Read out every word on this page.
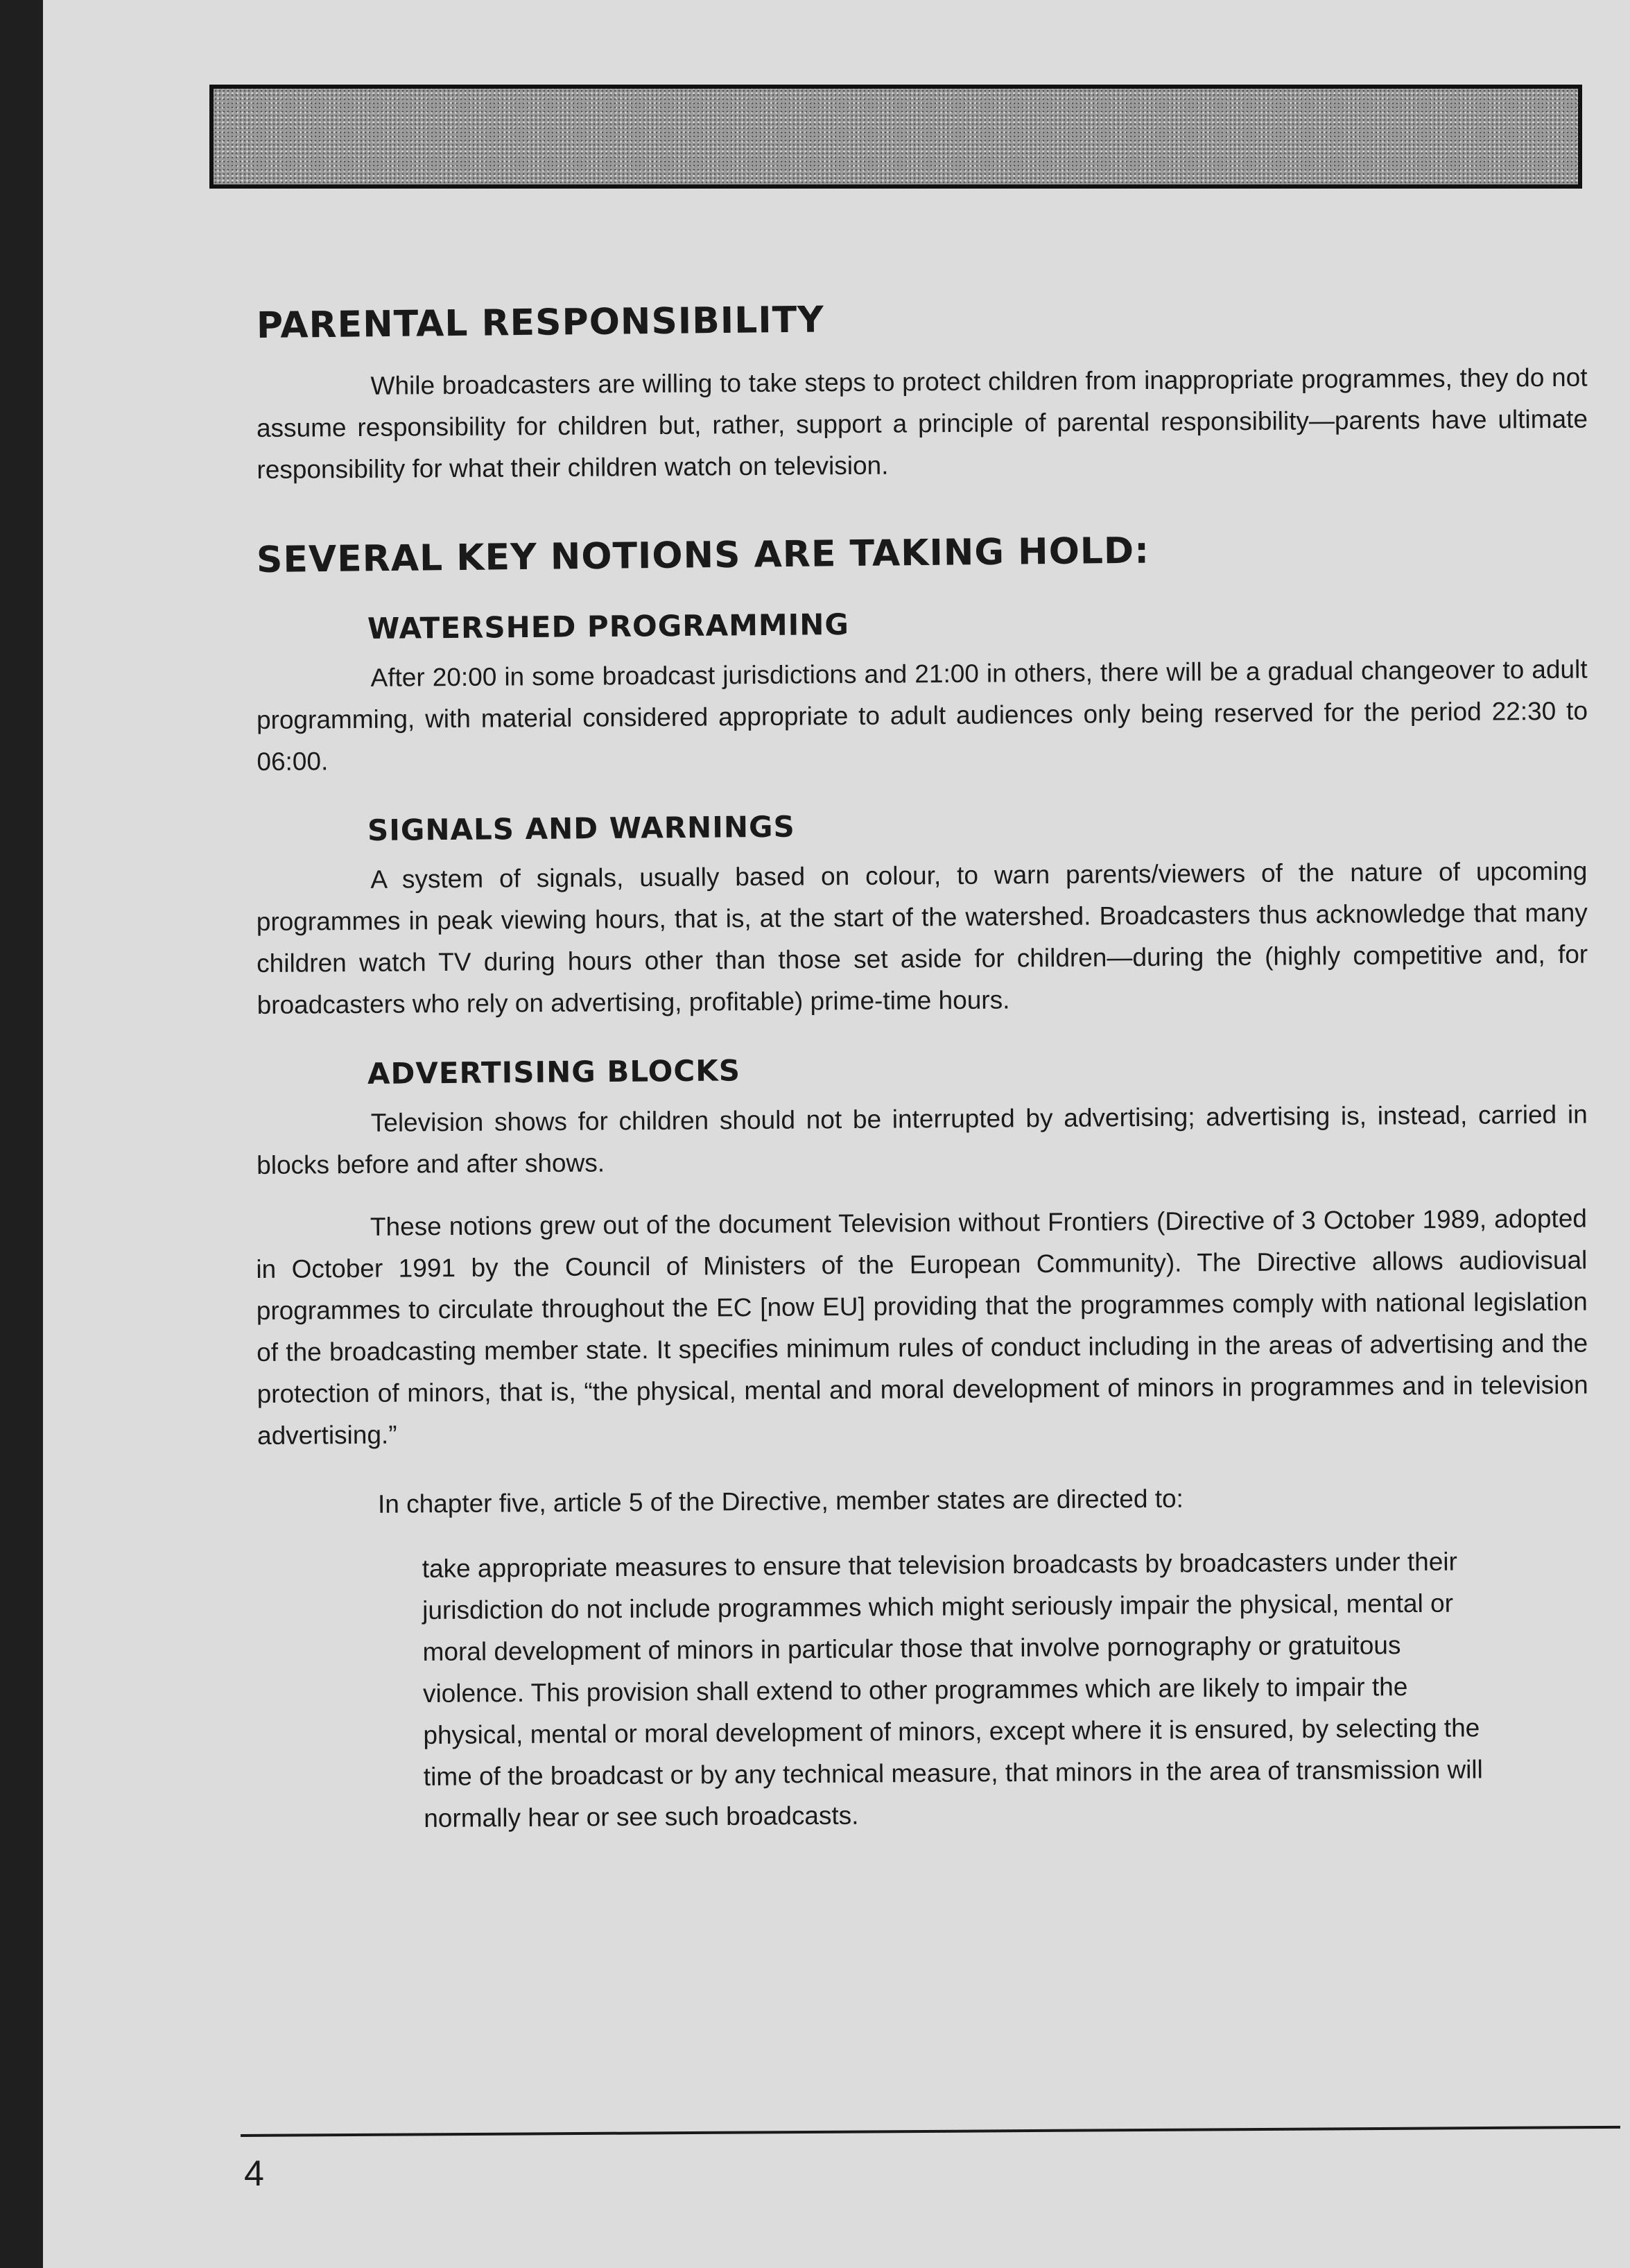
PARENTAL RESPONSIBILITY

While broadcasters are willing to take steps to protect children from inappropriate programmes, they do not assume responsibility for children but, rather, support a principle of parental responsibility—parents have ultimate responsibility for what their children watch on television.

SEVERAL KEY NOTIONS ARE TAKING HOLD:
WATERSHED PROGRAMMING

After 20:00 in some broadcast jurisdictions and 21:00 in others, there will be a gradual changeover to adult programming, with material considered appropriate to adult audiences only being reserved for the period 22:30 to 06:00.

SIGNALS AND WARNINGS

A system of signals, usually based on colour, to warn parents/viewers of the nature of upcoming programmes in peak viewing hours, that is, at the start of the watershed. Broadcasters thus acknowledge that many children watch TV during hours other than those set aside for children—during the (highly competitive and, for broadcasters who rely on advertising, profitable) prime-time hours.

ADVERTISING BLOCKS

Television shows for children should not be interrupted by advertising; advertising is, instead, carried in blocks before and after shows.

These notions grew out of the document Television without Frontiers (Directive of 3 October 1989, adopted in October 1991 by the Council of Ministers of the European Community). The Directive allows audiovisual programmes to circulate throughout the EC [now EU] providing that the programmes comply with national legislation of the broadcasting member state. It specifies minimum rules of conduct including in the areas of advertising and the protection of minors, that is, “the physical, mental and moral development of minors in programmes and in television advertising.”

In chapter five, article 5 of the Directive, member states are directed to:

take appropriate measures to ensure that television broadcasts by broadcasters under their jurisdiction do not include programmes which might seriously impair the physical, mental or moral development of minors in particular those that involve pornography or gratuitous violence. This provision shall extend to other programmes which are likely to impair the physical, mental or moral development of minors, except where it is ensured, by selecting the time of the broadcast or by any technical measure, that minors in the area of transmission will normally hear or see such broadcasts.
4
